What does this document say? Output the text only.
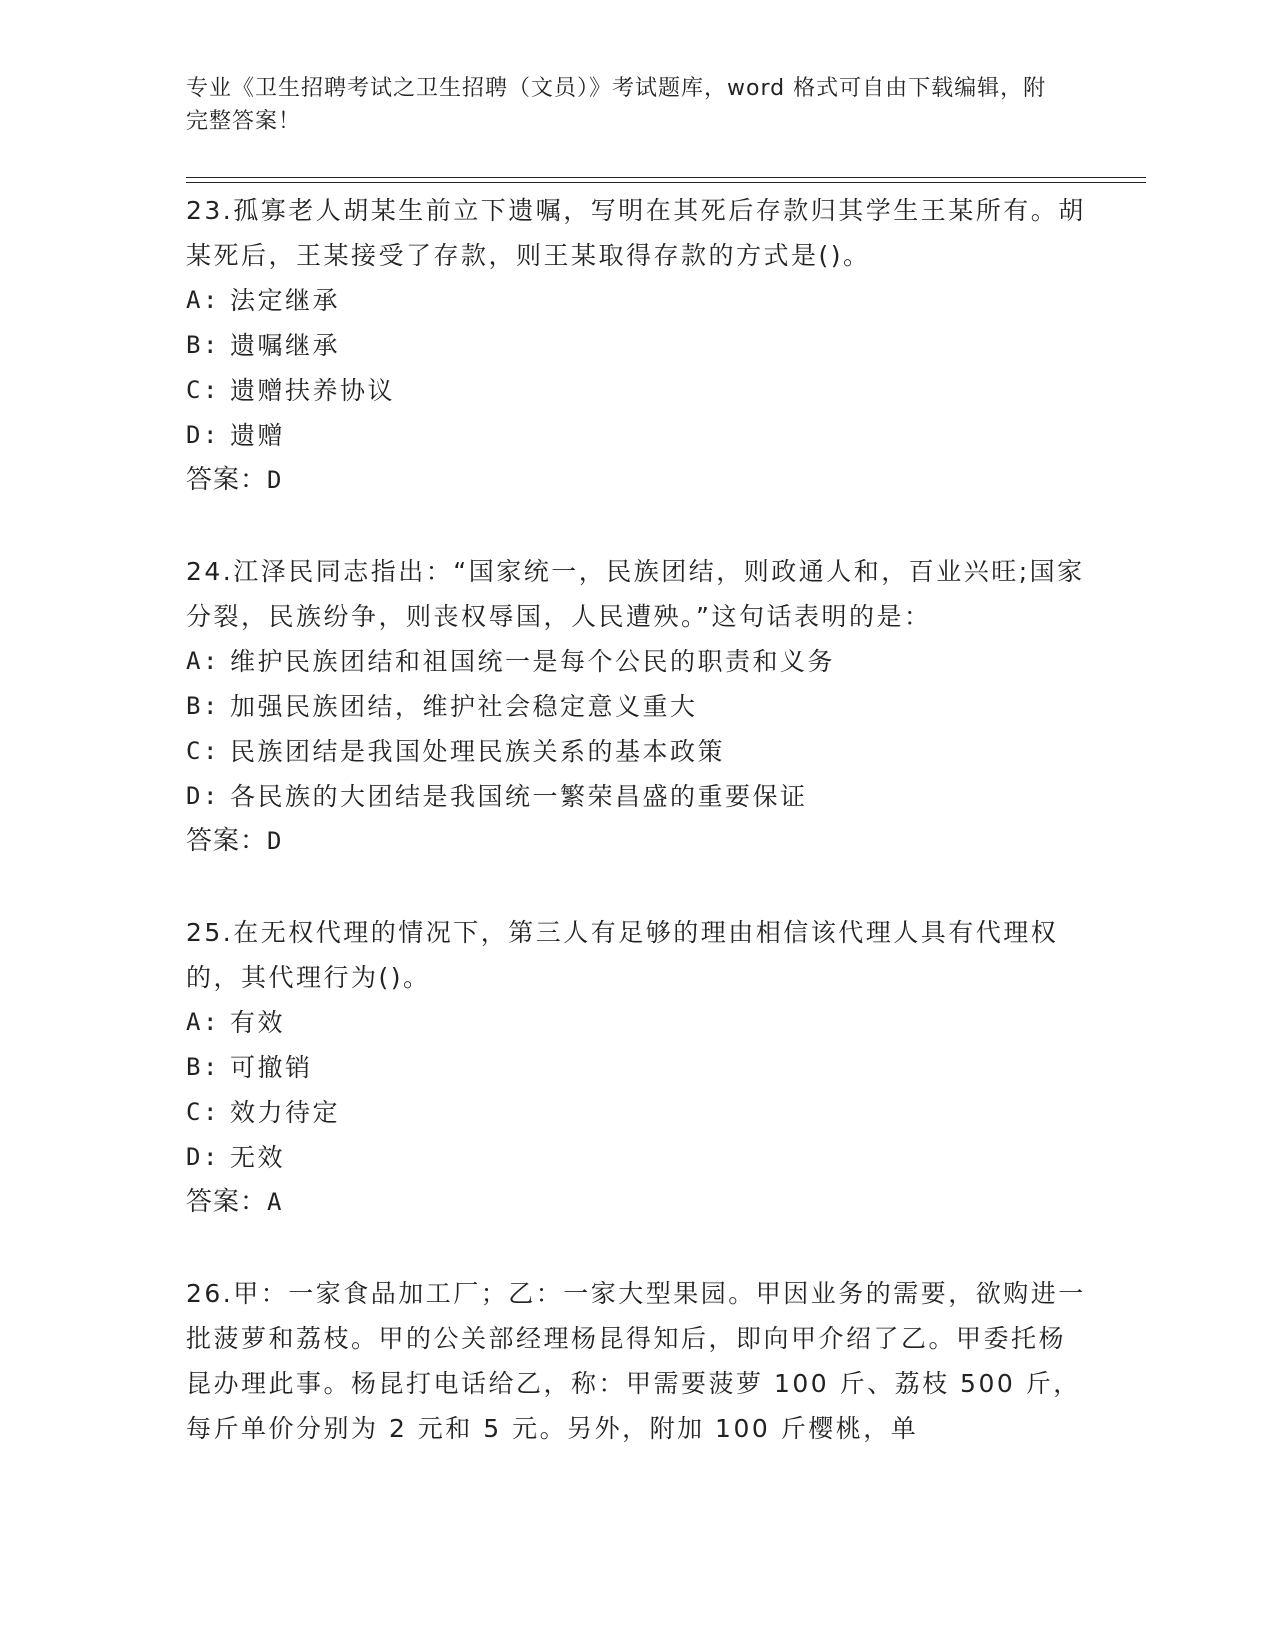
专业《卫生招聘考试之卫生招聘（文员）》考试题库，word 格式可自由下载编辑，附完整答案！

23.孤寡老人胡某生前立下遗嘱，写明在其死后存款归其学生王某所有。胡某死后，王某接受了存款，则王某取得存款的方式是()。

A: 法定继承

B: 遗嘱继承

C: 遗赠扶养协议

D: 遗赠

答案：D

24.江泽民同志指出：“国家统一，民族团结，则政通人和，百业兴旺;国家分裂，民族纷争，则丧权辱国，人民遭殃。”这句话表明的是：

A: 维护民族团结和祖国统一是每个公民的职责和义务

B: 加强民族团结，维护社会稳定意义重大

C: 民族团结是我国处理民族关系的基本政策

D: 各民族的大团结是我国统一繁荣昌盛的重要保证

答案：D

25.在无权代理的情况下，第三人有足够的理由相信该代理人具有代理权的，其代理行为()。

A: 有效

B: 可撤销

C: 效力待定

D: 无效

答案：A

26.甲：一家食品加工厂；乙：一家大型果园。甲因业务的需要，欲购进一批菠萝和荔枝。甲的公关部经理杨昆得知后，即向甲介绍了乙。甲委托杨昆办理此事。杨昆打电话给乙，称：甲需要菠萝 100 斤、荔枝 500 斤，每斤单价分别为 2 元和 5 元。另外，附加 100 斤樱桃，单
